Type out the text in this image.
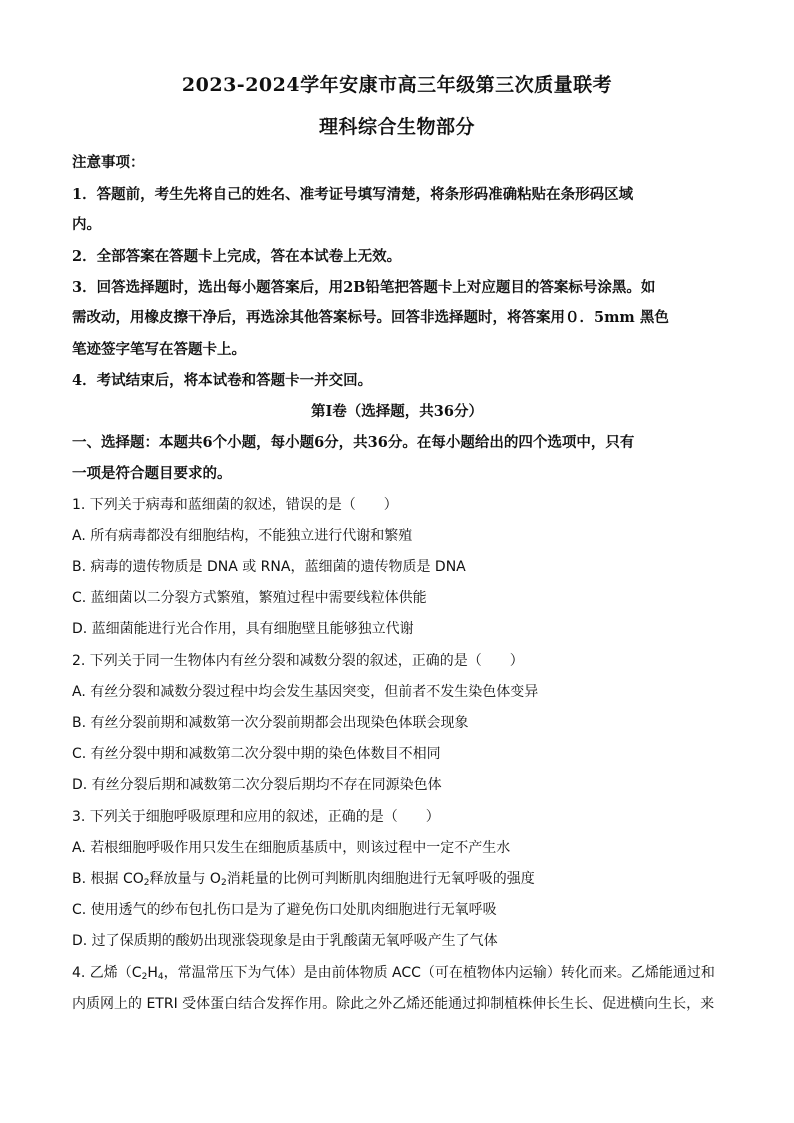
2023-2024学年安康市高三年级第三次质量联考
理科综合生物部分
注意事项：
1．答题前，考生先将自己的姓名、准考证号填写清楚，将条形码准确粘贴在条形码区域
内。
2．全部答案在答题卡上完成，答在本试卷上无效。
3．回答选择题时，选出每小题答案后，用2B铅笔把答题卡上对应题目的答案标号涂黑。如
需改动，用橡皮擦干净后，再选涂其他答案标号。回答非选择题时，将答案用０．5mm 黑色
笔迹签字笔写在答题卡上。
4．考试结束后，将本试卷和答题卡一并交回。
第Ⅰ卷（选择题，共36分）
一、选择题：本题共6个小题，每小题6分，共36分。在每小题给出的四个选项中，只有
一项是符合题目要求的。
1. 下列关于病毒和蓝细菌的叙述，错误的是（　　）
A. 所有病毒都没有细胞结构，不能独立进行代谢和繁殖
B. 病毒的遗传物质是 DNA 或 RNA，蓝细菌的遗传物质是 DNA
C. 蓝细菌以二分裂方式繁殖，繁殖过程中需要线粒体供能
D. 蓝细菌能进行光合作用，具有细胞壁且能够独立代谢
2. 下列关于同一生物体内有丝分裂和减数分裂的叙述，正确的是（　　）
A. 有丝分裂和减数分裂过程中均会发生基因突变，但前者不发生染色体变异
B. 有丝分裂前期和减数第一次分裂前期都会出现染色体联会现象
C. 有丝分裂中期和减数第二次分裂中期的染色体数目不相同
D. 有丝分裂后期和减数第二次分裂后期均不存在同源染色体
3. 下列关于细胞呼吸原理和应用的叙述，正确的是（　　）
A. 若根细胞呼吸作用只发生在细胞质基质中，则该过程中一定不产生水
B. 根据 $CO_2$释放量与 $O_2$消耗量的比例可判断肌肉细胞进行无氧呼吸的强度
C. 使用透气的纱布包扎伤口是为了避免伤口处肌肉细胞进行无氧呼吸
D. 过了保质期的酸奶出现涨袋现象是由于乳酸菌无氧呼吸产生了气体
4. 乙烯（$C_2H_4$，常温常压下为气体）是由前体物质 ACC（可在植物体内运输）转化而来。乙烯能通过和
内质网上的 ETRI 受体蛋白结合发挥作用。除此之外乙烯还能通过抑制植株伸长生长、促进横向生长，来
